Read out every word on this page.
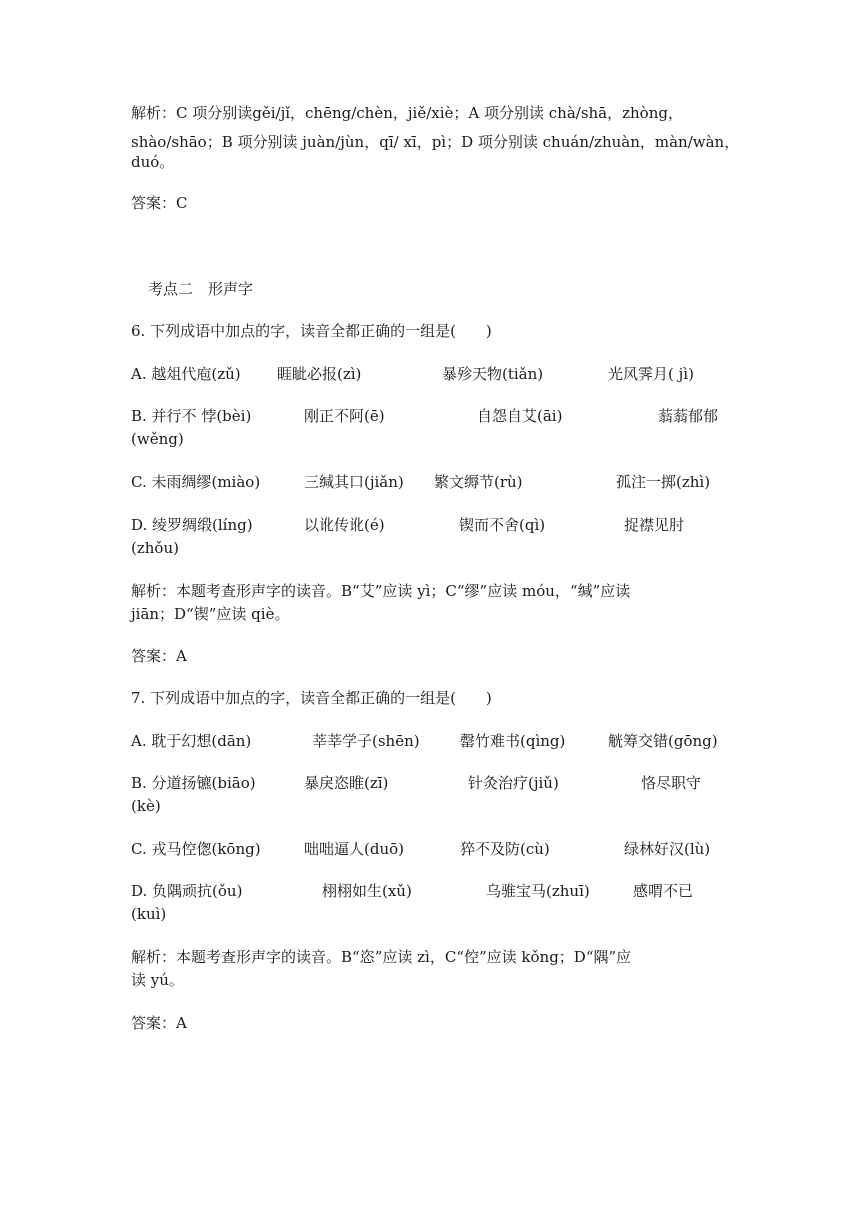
解析：C 项分别读gěi/jǐ，chēng/chèn，jiě/xiè；A 项分别读 chà/shā，zhòng，
shào/shāo；B 项分别读 juàn/jùn，qī/ xī，pì；D 项分别读 chuán/zhuàn，màn/wàn，
duó。
答案：C
考点二　形声字
6. 下列成语中加点的字，读音全都正确的一组是(　　)
A. 越俎代庖(zǔ) 睚眦必报(zì)	暴殄天物(tiǎn)	光风霁月( jì)
B. 并行不 悖(bèi)	刚正不阿(ē)	自怨自艾(āi)	蓊蓊郁郁
(wěng)
C. 未雨绸缪(miào)	三缄其口(jiǎn) 繁文缛节(rù)	孤注一掷(zhì)
D. 绫罗绸缎(líng)	以讹传讹(é)	锲而不舍(qì)	捉襟见肘
(zhǒu)
解析：本题考查形声字的读音。B“艾”应读 yì；C“缪”应读 móu，“缄”应读
jiān；D“锲”应读 qiè。
答案：A
7. 下列成语中加点的字，读音全都正确的一组是(　　)
A. 耽于幻想(dān)	莘莘学子(shēn)	罄竹难书(qìng)	觥筹交错(gōng)
B. 分道扬镳(biāo)	暴戾恣睢(zī)	针灸治疗(jiǔ)	恪尽职守
(kè)
C. 戎马倥偬(kōng)	咄咄逼人(duō)	猝不及防(cù)	绿林好汉(lù)
D. 负隅顽抗(ǒu)	栩栩如生(xǔ)	乌骓宝马(zhuī)	感喟不已
(kuì)
解析：本题考查形声字的读音。B“恣”应读 zì，C“倥”应读 kǒng；D“隅”应
读 yú。
答案：A
